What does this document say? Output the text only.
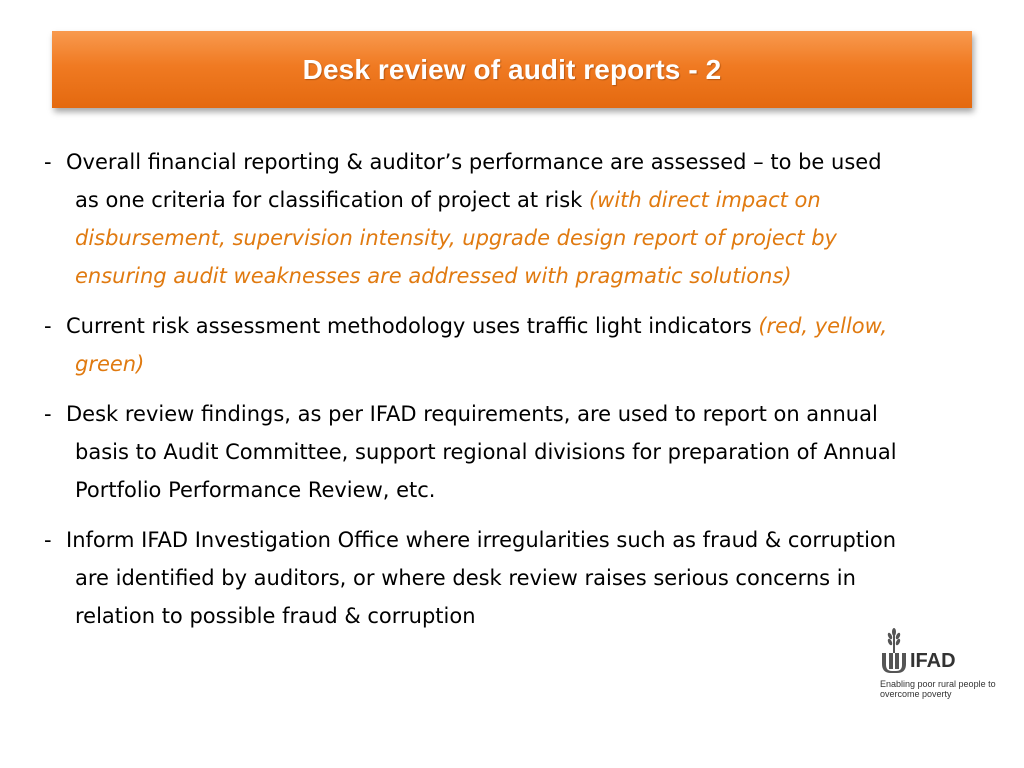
Desk review of audit reports - 2

- Overall financial reporting & auditor’s performance are assessed – to be used as one criteria for classification of project at risk (with direct impact on disbursement, supervision intensity, upgrade design report of project by ensuring audit weaknesses are addressed with pragmatic solutions)

- Current risk assessment methodology uses traffic light indicators (red, yellow, green)

- Desk review findings, as per IFAD requirements, are used to report on annual basis to Audit Committee, support regional divisions for preparation of Annual Portfolio Performance Review, etc.

- Inform IFAD Investigation Office where irregularities such as fraud & corruption are identified by auditors, or where desk review raises serious concerns in relation to possible fraud & corruption

IFAD
Enabling poor rural people to overcome poverty
